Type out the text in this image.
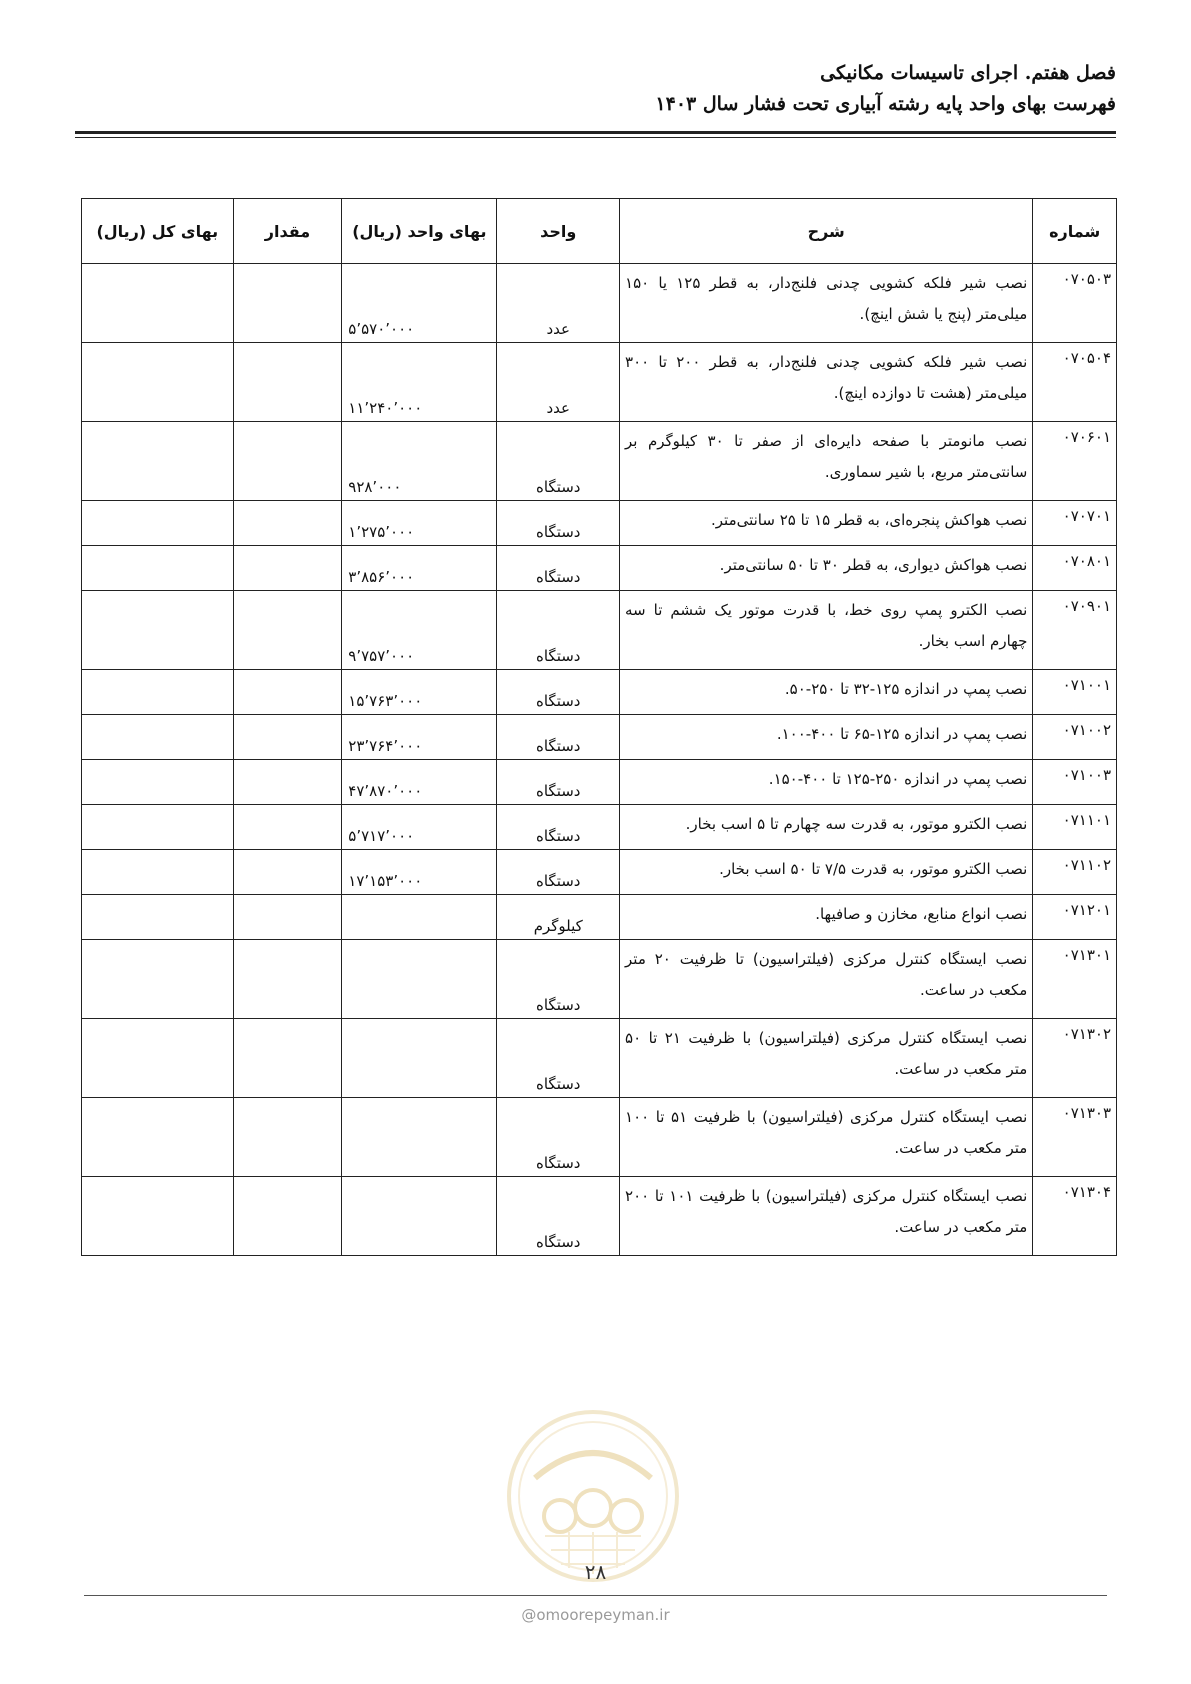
فصل هفتم. اجرای تاسیسات مکانیکی
فهرست بهای واحد پایه رشته آبیاری تحت فشار سال ۱۴۰۳
شماره	شرح	واحد	بهای واحد (ریال)	مقدار	بهای کل (ریال)
۰۷۰۵۰۳	نصب شیر فلکه کشویی چدنی فلنج‌دار، به قطر ۱۲۵ یا ۱۵۰ میلی‌متر (پنج یا شش اینچ).	عدد	۵٬۵۷۰٬۰۰۰		
۰۷۰۵۰۴	نصب شیر فلکه کشویی چدنی فلنج‌دار، به قطر ۲۰۰ تا ۳۰۰ میلی‌متر (هشت تا دوازده اینچ).	عدد	۱۱٬۲۴۰٬۰۰۰		
۰۷۰۶۰۱	نصب مانومتر با صفحه دایره‌ای از صفر تا ۳۰ کیلوگرم بر سانتی‌متر مربع، با شیر سماوری.	دستگاه	۹۲۸٬۰۰۰		
۰۷۰۷۰۱	نصب هواکش پنجره‌ای، به قطر ۱۵ تا ۲۵ سانتی‌متر.	دستگاه	۱٬۲۷۵٬۰۰۰		
۰۷۰۸۰۱	نصب هواکش دیواری، به قطر ۳۰ تا ۵۰ سانتی‌متر.	دستگاه	۳٬۸۵۶٬۰۰۰		
۰۷۰۹۰۱	نصب الکترو پمپ روی خط، با قدرت موتور یک ششم تا سه چهارم اسب بخار.	دستگاه	۹٬۷۵۷٬۰۰۰		
۰۷۱۰۰۱	نصب پمپ در اندازه ۱۲۵-۳۲ تا ۲۵۰-۵۰.	دستگاه	۱۵٬۷۶۳٬۰۰۰		
۰۷۱۰۰۲	نصب پمپ در اندازه ۱۲۵-۶۵ تا ۴۰۰-۱۰۰.	دستگاه	۲۳٬۷۶۴٬۰۰۰		
۰۷۱۰۰۳	نصب پمپ در اندازه ۲۵۰-۱۲۵ تا ۴۰۰-۱۵۰.	دستگاه	۴۷٬۸۷۰٬۰۰۰		
۰۷۱۱۰۱	نصب الکترو موتور، به قدرت سه چهارم تا ۵ اسب بخار.	دستگاه	۵٬۷۱۷٬۰۰۰		
۰۷۱۱۰۲	نصب الکترو موتور، به قدرت ۷/۵ تا ۵۰ اسب بخار.	دستگاه	۱۷٬۱۵۳٬۰۰۰		
۰۷۱۲۰۱	نصب انواع منابع، مخازن و صافیها.	کیلوگرم			
۰۷۱۳۰۱	نصب ایستگاه کنترل مرکزی (فیلتراسیون) تا ظرفیت ۲۰ متر مکعب در ساعت.	دستگاه			
۰۷۱۳۰۲	نصب ایستگاه کنترل مرکزی (فیلتراسیون) با ظرفیت ۲۱ تا ۵۰ متر مکعب در ساعت.	دستگاه			
۰۷۱۳۰۳	نصب ایستگاه کنترل مرکزی (فیلتراسیون) با ظرفیت ۵۱ تا ۱۰۰ متر مکعب در ساعت.	دستگاه			
۰۷۱۳۰۴	نصب ایستگاه کنترل مرکزی (فیلتراسیون) با ظرفیت ۱۰۱ تا ۲۰۰ متر مکعب در ساعت.	دستگاه			
۲۸
@omoorepeyman.ir
